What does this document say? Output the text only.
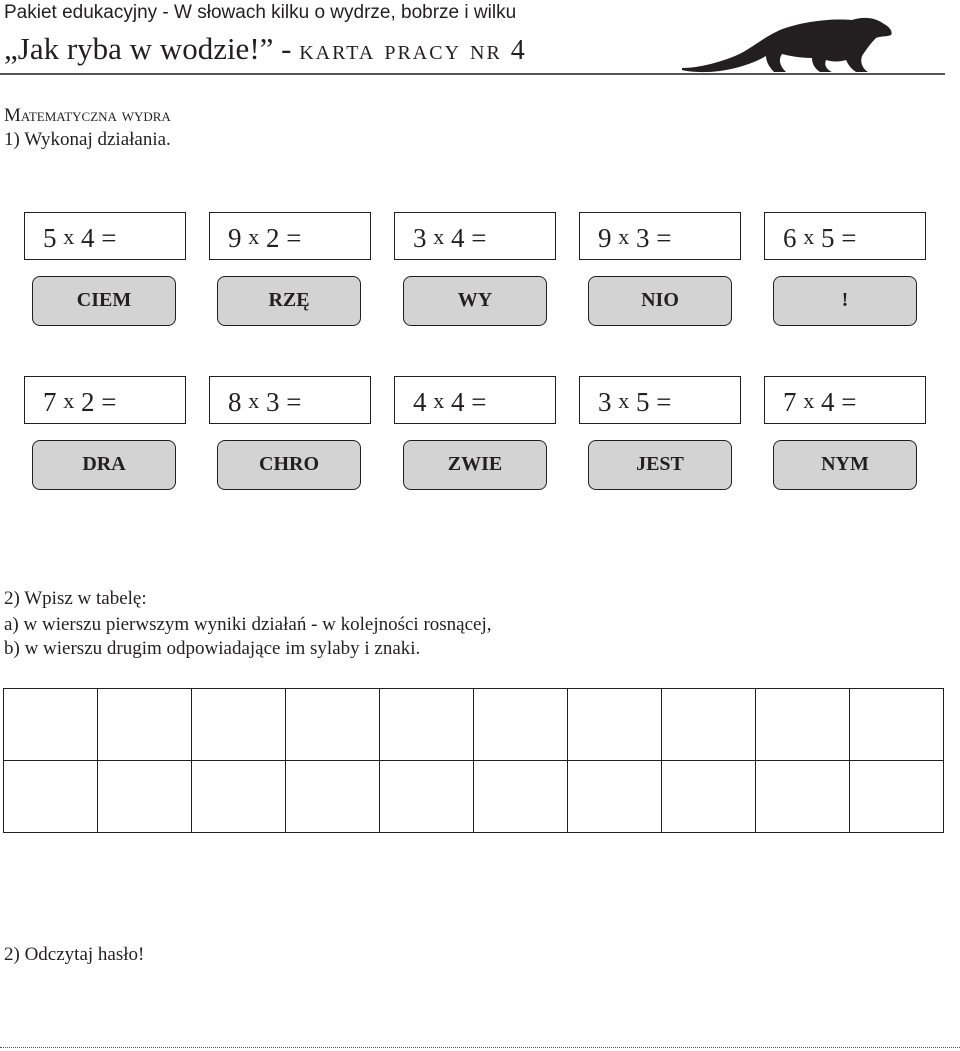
Pakiet edukacyjny - W słowach kilku o wydrze, bobrze i wilku
„Jak ryba w wodzie!” - karta pracy nr 4
Matematyczna wydra
1) Wykonaj działania.
5 x 4 =	9 x 2 =	3 x 4 =	9 x 3 =	6 x 5 =
CIEM	RZĘ	WY	NIO	!
7 x 2 =	8 x 3 =	4 x 4 =	3 x 5 =	7 x 4 =
DRA	CHRO	ZWIE	JEST	NYM
2) Wpisz w tabelę:
a) w wierszu pierwszym wyniki działań - w kolejności rosnącej,
b) w wierszu drugim odpowiadające im sylaby i znaki.

2) Odczytaj hasło!
